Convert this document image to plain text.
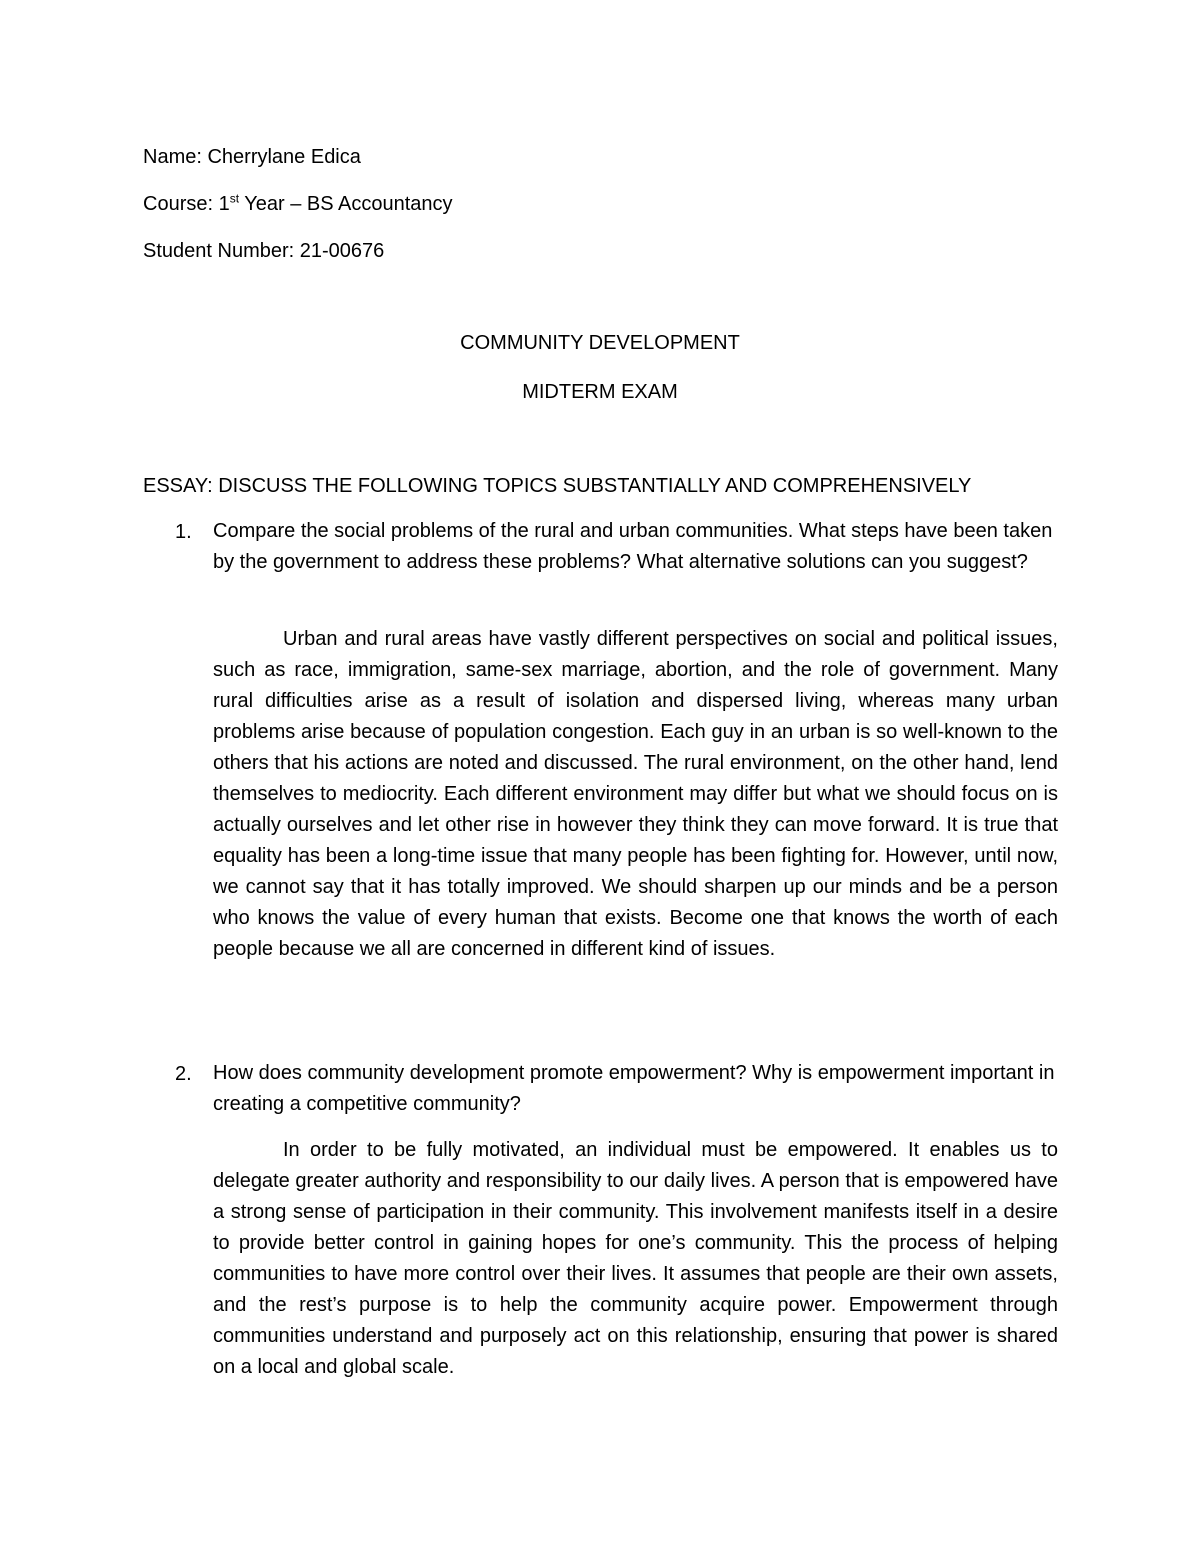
Name: Cherrylane Edica
Course: 1st Year – BS Accountancy
Student Number: 21-00676
COMMUNITY DEVELOPMENT
MIDTERM EXAM
ESSAY: DISCUSS THE FOLLOWING TOPICS SUBSTANTIALLY AND COMPREHENSIVELY
1. Compare the social problems of the rural and urban communities. What steps have been taken by the government to address these problems? What alternative solutions can you suggest?
Urban and rural areas have vastly different perspectives on social and political issues, such as race, immigration, same-sex marriage, abortion, and the role of government. Many rural difficulties arise as a result of isolation and dispersed living, whereas many urban problems arise because of population congestion. Each guy in an urban is so well-known to the others that his actions are noted and discussed. The rural environment, on the other hand, lend themselves to mediocrity. Each different environment may differ but what we should focus on is actually ourselves and let other rise in however they think they can move forward. It is true that equality has been a long-time issue that many people has been fighting for. However, until now, we cannot say that it has totally improved. We should sharpen up our minds and be a person who knows the value of every human that exists. Become one that knows the worth of each people because we all are concerned in different kind of issues.
2. How does community development promote empowerment? Why is empowerment important in creating a competitive community?
In order to be fully motivated, an individual must be empowered. It enables us to delegate greater authority and responsibility to our daily lives. A person that is empowered have a strong sense of participation in their community. This involvement manifests itself in a desire to provide better control in gaining hopes for one’s community. This the process of helping communities to have more control over their lives. It assumes that people are their own assets, and the rest’s purpose is to help the community acquire power. Empowerment through communities understand and purposely act on this relationship, ensuring that power is shared on a local and global scale.
